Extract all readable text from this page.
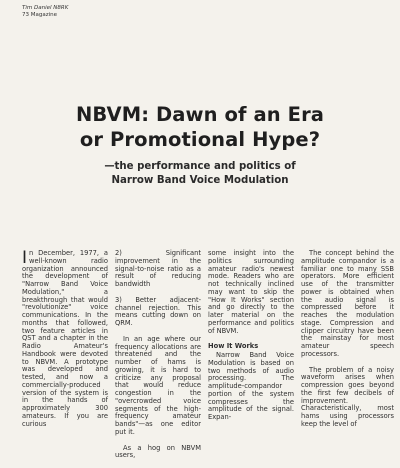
Tim Daniel N8RK
73 Magazine
NBVM: Dawn of an Era
or Promotional Hype?
—the performance and politics of
Narrow Band Voice Modulation

In December, 1977, a well-known radio organization announced the development of "Narrow Band Voice Modulation," a breakthrough that would "revolutionize" voice communications. In the months that followed, two feature articles in QST and a chapter in the Radio Amateur's Handbook were devoted to NBVM. A prototype was developed and tested, and now a commercially-produced version of the system is in the hands of approximately 300 amateurs. If you are curious

2) Significant improvement in the signal-to-noise ratio as a result of reducing bandwidth

3) Better adjacent-channel rejection. This means cutting down on QRM.

In an age where our frequency allocations are threatened and the number of hams is growing, it is hard to criticize any proposal that would reduce congestion in the "overcrowded voice segments of the high-frequency amateur bands"—as one editor put it.

As a hog on NBVM users,

some insight into the politics surrounding amateur radio's newest mode. Readers who are not technically inclined may want to skip the "How It Works" section and go directly to the later material on the performance and politics of NBVM.

How It Works

Narrow Band Voice Modulation is based on two methods of audio processing. The amplitude-compandor portion of the system compresses the amplitude of the signal. Expan-

The concept behind the amplitude compandor is a familiar one to many SSB operators. More efficient use of the transmitter power is obtained when the audio signal is compressed before it reaches the modulation stage. Compression and clipper circuitry have been the mainstay for most amateur speech processors.

The problem of a noisy waveform arises when compression goes beyond the first few decibels of improvement. Characteristically, most hams using processors keep the level of
